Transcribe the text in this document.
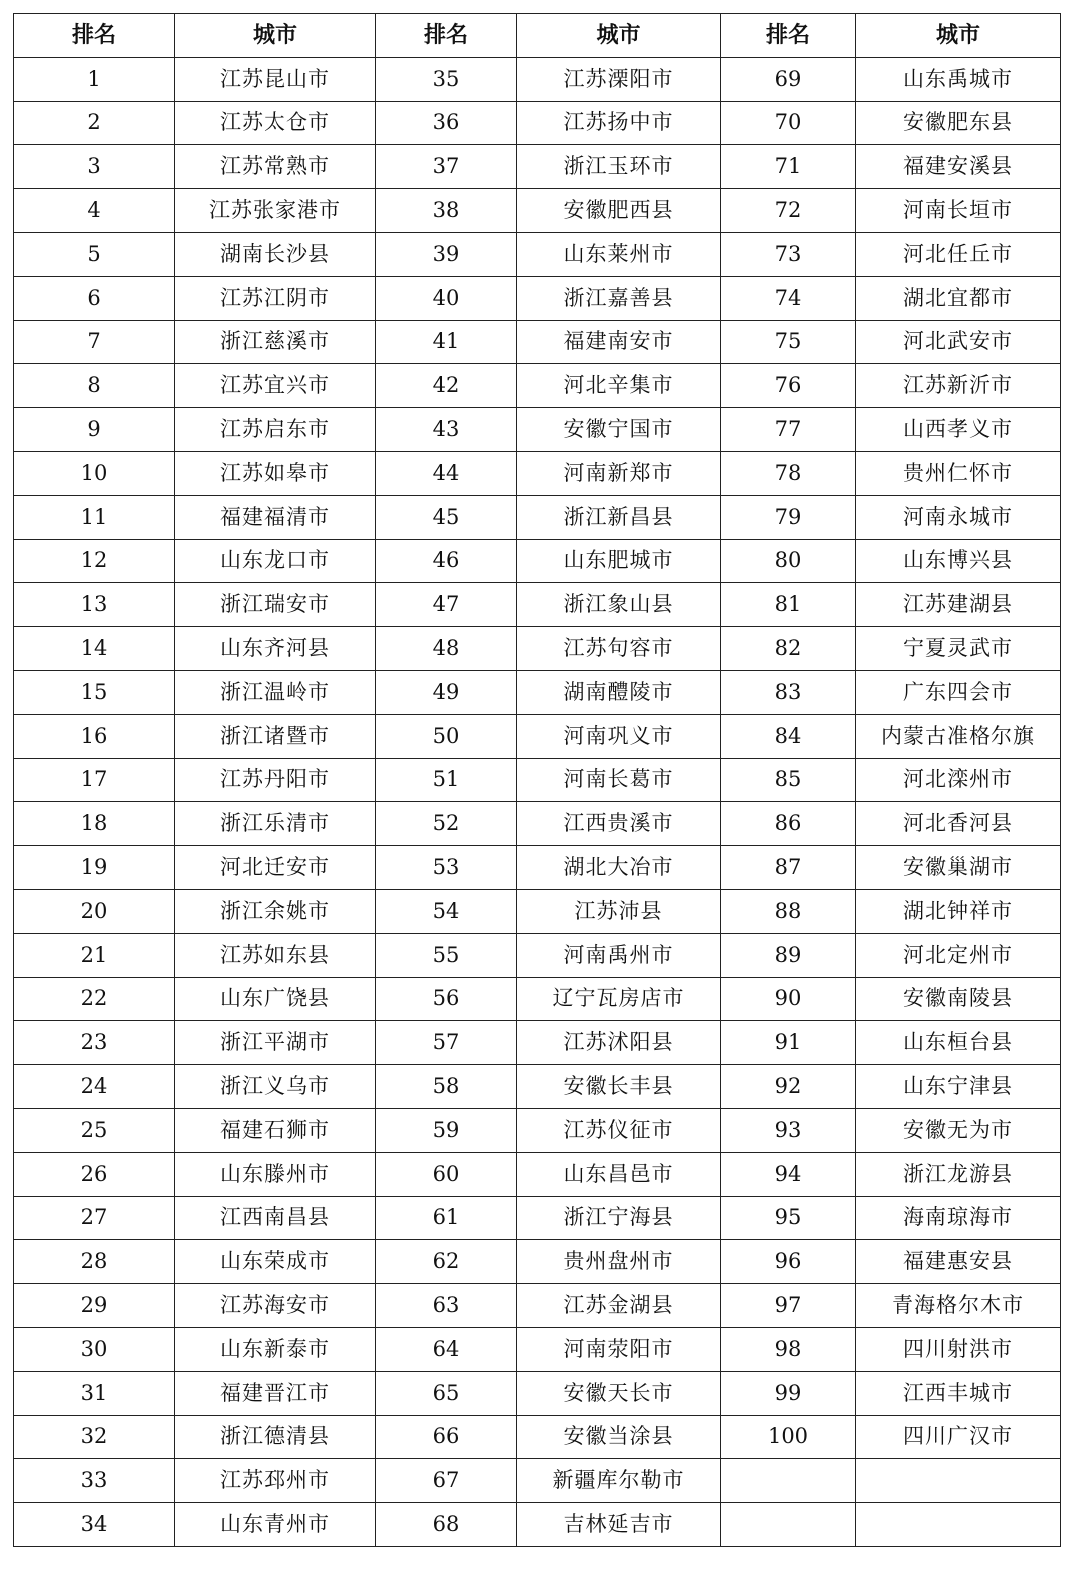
排名	城市	排名	城市	排名	城市
1	江苏昆山市	35	江苏溧阳市	69	山东禹城市
2	江苏太仓市	36	江苏扬中市	70	安徽肥东县
3	江苏常熟市	37	浙江玉环市	71	福建安溪县
4	江苏张家港市	38	安徽肥西县	72	河南长垣市
5	湖南长沙县	39	山东莱州市	73	河北任丘市
6	江苏江阴市	40	浙江嘉善县	74	湖北宜都市
7	浙江慈溪市	41	福建南安市	75	河北武安市
8	江苏宜兴市	42	河北辛集市	76	江苏新沂市
9	江苏启东市	43	安徽宁国市	77	山西孝义市
10	江苏如皋市	44	河南新郑市	78	贵州仁怀市
11	福建福清市	45	浙江新昌县	79	河南永城市
12	山东龙口市	46	山东肥城市	80	山东博兴县
13	浙江瑞安市	47	浙江象山县	81	江苏建湖县
14	山东齐河县	48	江苏句容市	82	宁夏灵武市
15	浙江温岭市	49	湖南醴陵市	83	广东四会市
16	浙江诸暨市	50	河南巩义市	84	内蒙古准格尔旗
17	江苏丹阳市	51	河南长葛市	85	河北滦州市
18	浙江乐清市	52	江西贵溪市	86	河北香河县
19	河北迁安市	53	湖北大冶市	87	安徽巢湖市
20	浙江余姚市	54	江苏沛县	88	湖北钟祥市
21	江苏如东县	55	河南禹州市	89	河北定州市
22	山东广饶县	56	辽宁瓦房店市	90	安徽南陵县
23	浙江平湖市	57	江苏沭阳县	91	山东桓台县
24	浙江义乌市	58	安徽长丰县	92	山东宁津县
25	福建石狮市	59	江苏仪征市	93	安徽无为市
26	山东滕州市	60	山东昌邑市	94	浙江龙游县
27	江西南昌县	61	浙江宁海县	95	海南琼海市
28	山东荣成市	62	贵州盘州市	96	福建惠安县
29	江苏海安市	63	江苏金湖县	97	青海格尔木市
30	山东新泰市	64	河南荥阳市	98	四川射洪市
31	福建晋江市	65	安徽天长市	99	江西丰城市
32	浙江德清县	66	安徽当涂县	100	四川广汉市
33	江苏邳州市	67	新疆库尔勒市		
34	山东青州市	68	吉林延吉市		
